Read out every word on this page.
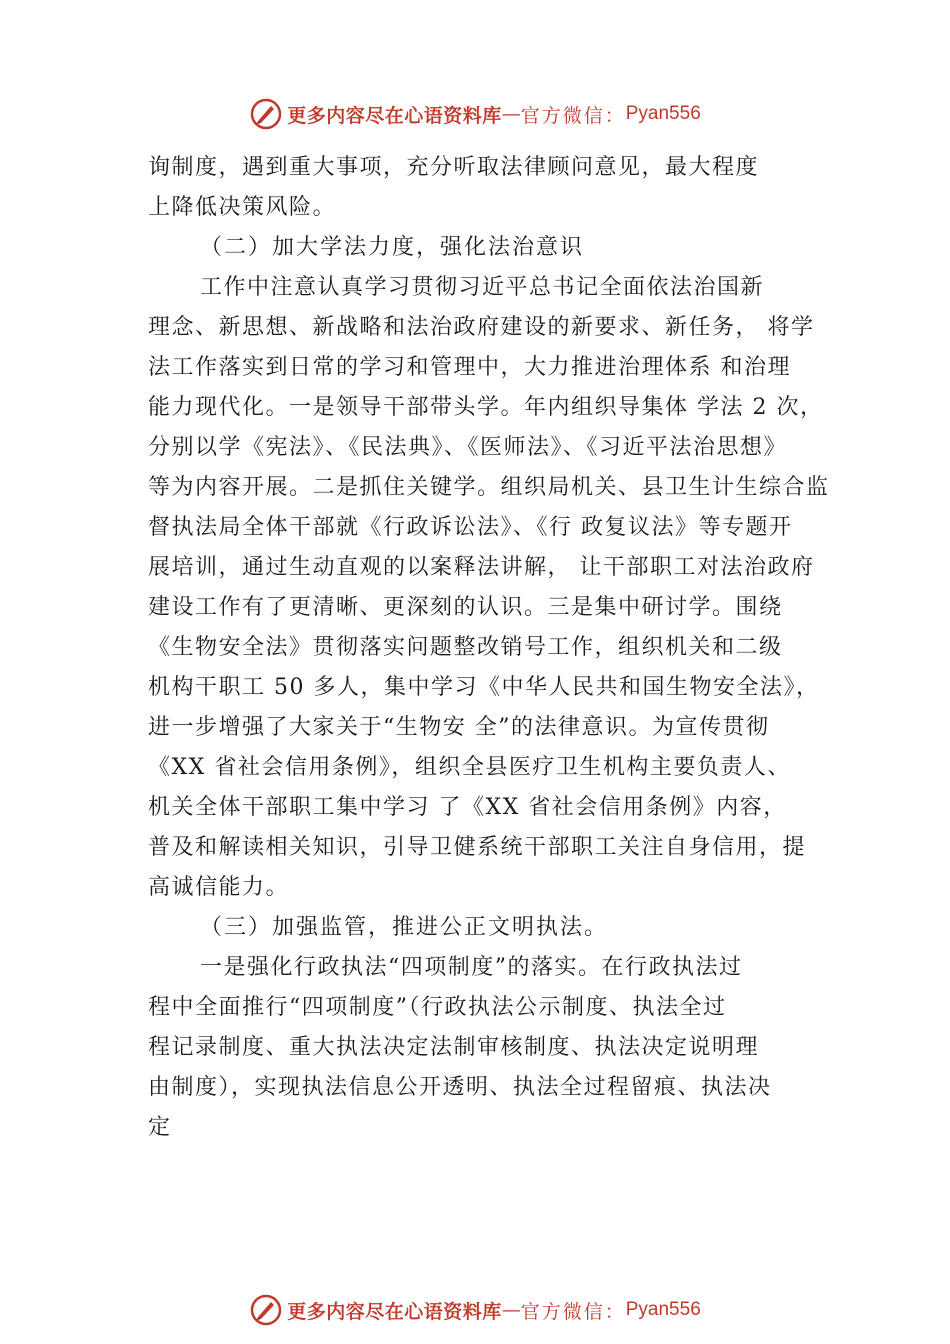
更多内容尽在心语资料库 — 官方微信： Pyan556
询制度，遇到重大事项，充分听取法律顾问意见，最大程度
上降低决策风险。
（二）加大学法力度，强化法治意识
工作中注意认真学习贯彻习近平总书记全面依法治国新
理念、新思想、新战略和法治政府建设的新要求、新任务， 将学
法工作落实到日常的学习和管理中，大力推进治理体系 和治理
能力现代化。一是领导干部带头学。年内组织导集体 学法 2 次，
分别以学《宪法》、《民法典》、《医师法》、《习近平法治思想》
等为内容开展。二是抓住关键学。组织局机关、县卫生计生综合监
督执法局全体干部就《行政诉讼法》、《行 政复议法》等专题开
展培训，通过生动直观的以案释法讲解， 让干部职工对法治政府
建设工作有了更清晰、更深刻的认识。三是集中研讨学。围绕
《生物安全法》贯彻落实问题整改销号工作，组织机关和二级
机构干职工 50 多人，集中学习《中华人民共和国生物安全法》，
进一步增强了大家关于“生物安 全”的法律意识。为宣传贯彻
《XX 省社会信用条例》，组织全县医疗卫生机构主要负责人、
机关全体干部职工集中学习 了《XX 省社会信用条例》内容，
普及和解读相关知识，引导卫健系统干部职工关注自身信用，提
高诚信能力。
（三）加强监管，推进公正文明执法。
一是强化行政执法“四项制度”的落实。在行政执法过
程中全面推行“四项制度”（行政执法公示制度、执法全过
程记录制度、重大执法决定法制审核制度、执法决定说明理
由制度），实现执法信息公开透明、执法全过程留痕、执法决
定
更多内容尽在心语资料库 — 官方微信： Pyan556
